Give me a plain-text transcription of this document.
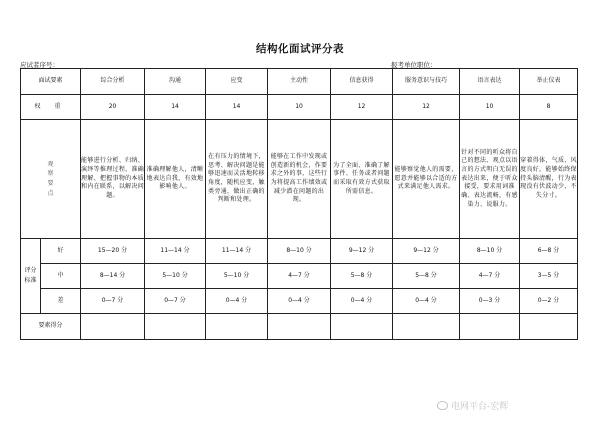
结构化面试评分表
应试者序号：	报考单位职位：
面试要素		综合分析	沟通	应变	主动性	信息获得	服务意识与技巧	语言表达	举止仪表
权 重		20	14	14	10	12	12	10	8
观察要点		能够进行分析、归纳、演绎等推理过程，准确理解、把握事物的本质和内在联系，以解决问题。	准确理解他人，清晰地表达自我，有效地影响他人。	在有压力的情境下，思考、解决问题是能够迅速而灵活地转移角度，随机应变，触类旁通，做出正确的判断和处理。	能够在工作中发现或创造新的机会，作要求之外的事，这些行为将提高工作绩效或减少潜在问题的出现。	为了全面、准确了解事件、任务或者问题而采取有效方式获取所需信息。	能够察觉他人的需要，愿意并能够以合适的方式来满足他人需求。	针对不同的听众将自己的想法、观点以语言的方式明白无误的表达出来，便于听众接受，要求用词准确、表达流畅，有感染力、说服力。	穿着得体，气质、风度良好，能够始终保持头脑清醒，行为表现没有伏波动少，不失分寸。
评分标准	好	15—20 分	11—14 分	11—14 分	8—10 分	9—12 分	9—12 分	8—10 分	6—8 分
	中	8—14 分	5—10 分	5—10 分	4—7 分	5—8 分	5—8 分	4—7 分	3—5 分
	差	0—7 分	0—7 分	0—4 分	0—4 分	0—4 分	0—4 分	0—3 分	0—2 分
要素得分									
电网平台-宏辉
